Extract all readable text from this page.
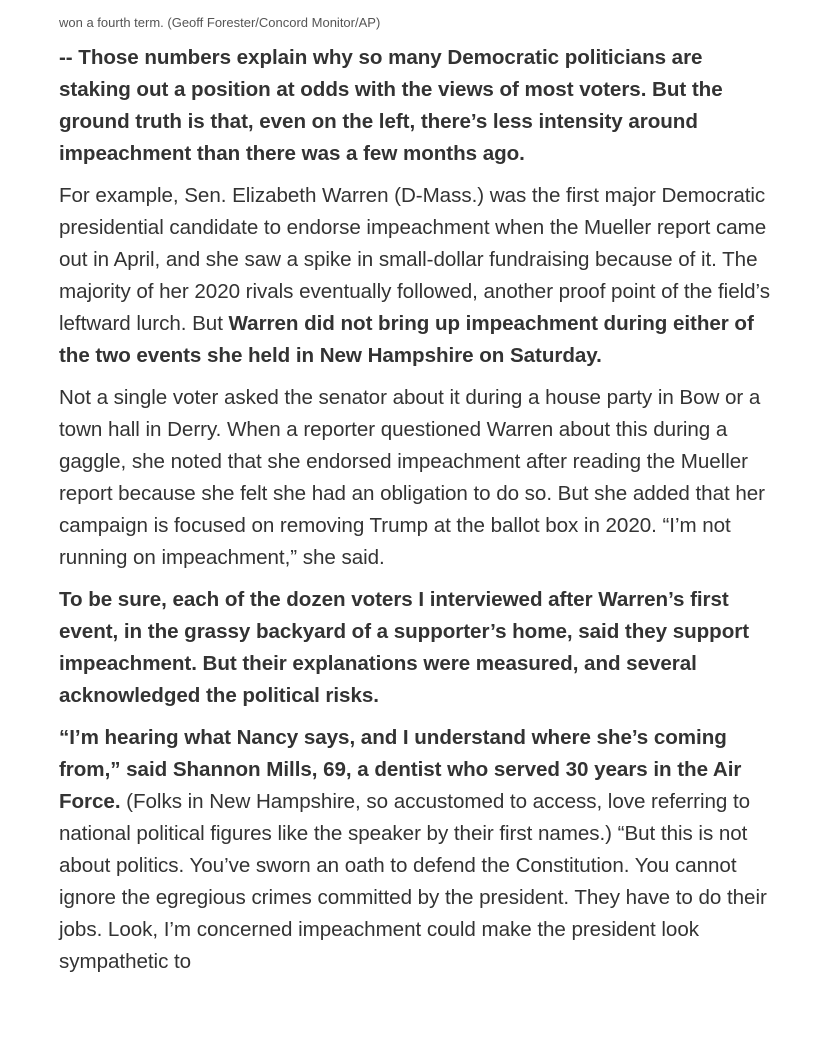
won a fourth term. (Geoff Forester/Concord Monitor/AP)

-- Those numbers explain why so many Democratic politicians are staking out a position at odds with the views of most voters. But the ground truth is that, even on the left, there’s less intensity around impeachment than there was a few months ago.

For example, Sen. Elizabeth Warren (D-Mass.) was the first major Democratic presidential candidate to endorse impeachment when the Mueller report came out in April, and she saw a spike in small-dollar fundraising because of it. The majority of her 2020 rivals eventually followed, another proof point of the field’s leftward lurch. But Warren did not bring up impeachment during either of the two events she held in New Hampshire on Saturday.

Not a single voter asked the senator about it during a house party in Bow or a town hall in Derry. When a reporter questioned Warren about this during a gaggle, she noted that she endorsed impeachment after reading the Mueller report because she felt she had an obligation to do so. But she added that her campaign is focused on removing Trump at the ballot box in 2020. “I’m not running on impeachment,” she said.

To be sure, each of the dozen voters I interviewed after Warren’s first event, in the grassy backyard of a supporter’s home, said they support impeachment. But their explanations were measured, and several acknowledged the political risks.

“I’m hearing what Nancy says, and I understand where she’s coming from,” said Shannon Mills, 69, a dentist who served 30 years in the Air Force. (Folks in New Hampshire, so accustomed to access, love referring to national political figures like the speaker by their first names.) “But this is not about politics. You’ve sworn an oath to defend the Constitution. You cannot ignore the egregious crimes committed by the president. They have to do their jobs. Look, I’m concerned impeachment could make the president look sympathetic to
